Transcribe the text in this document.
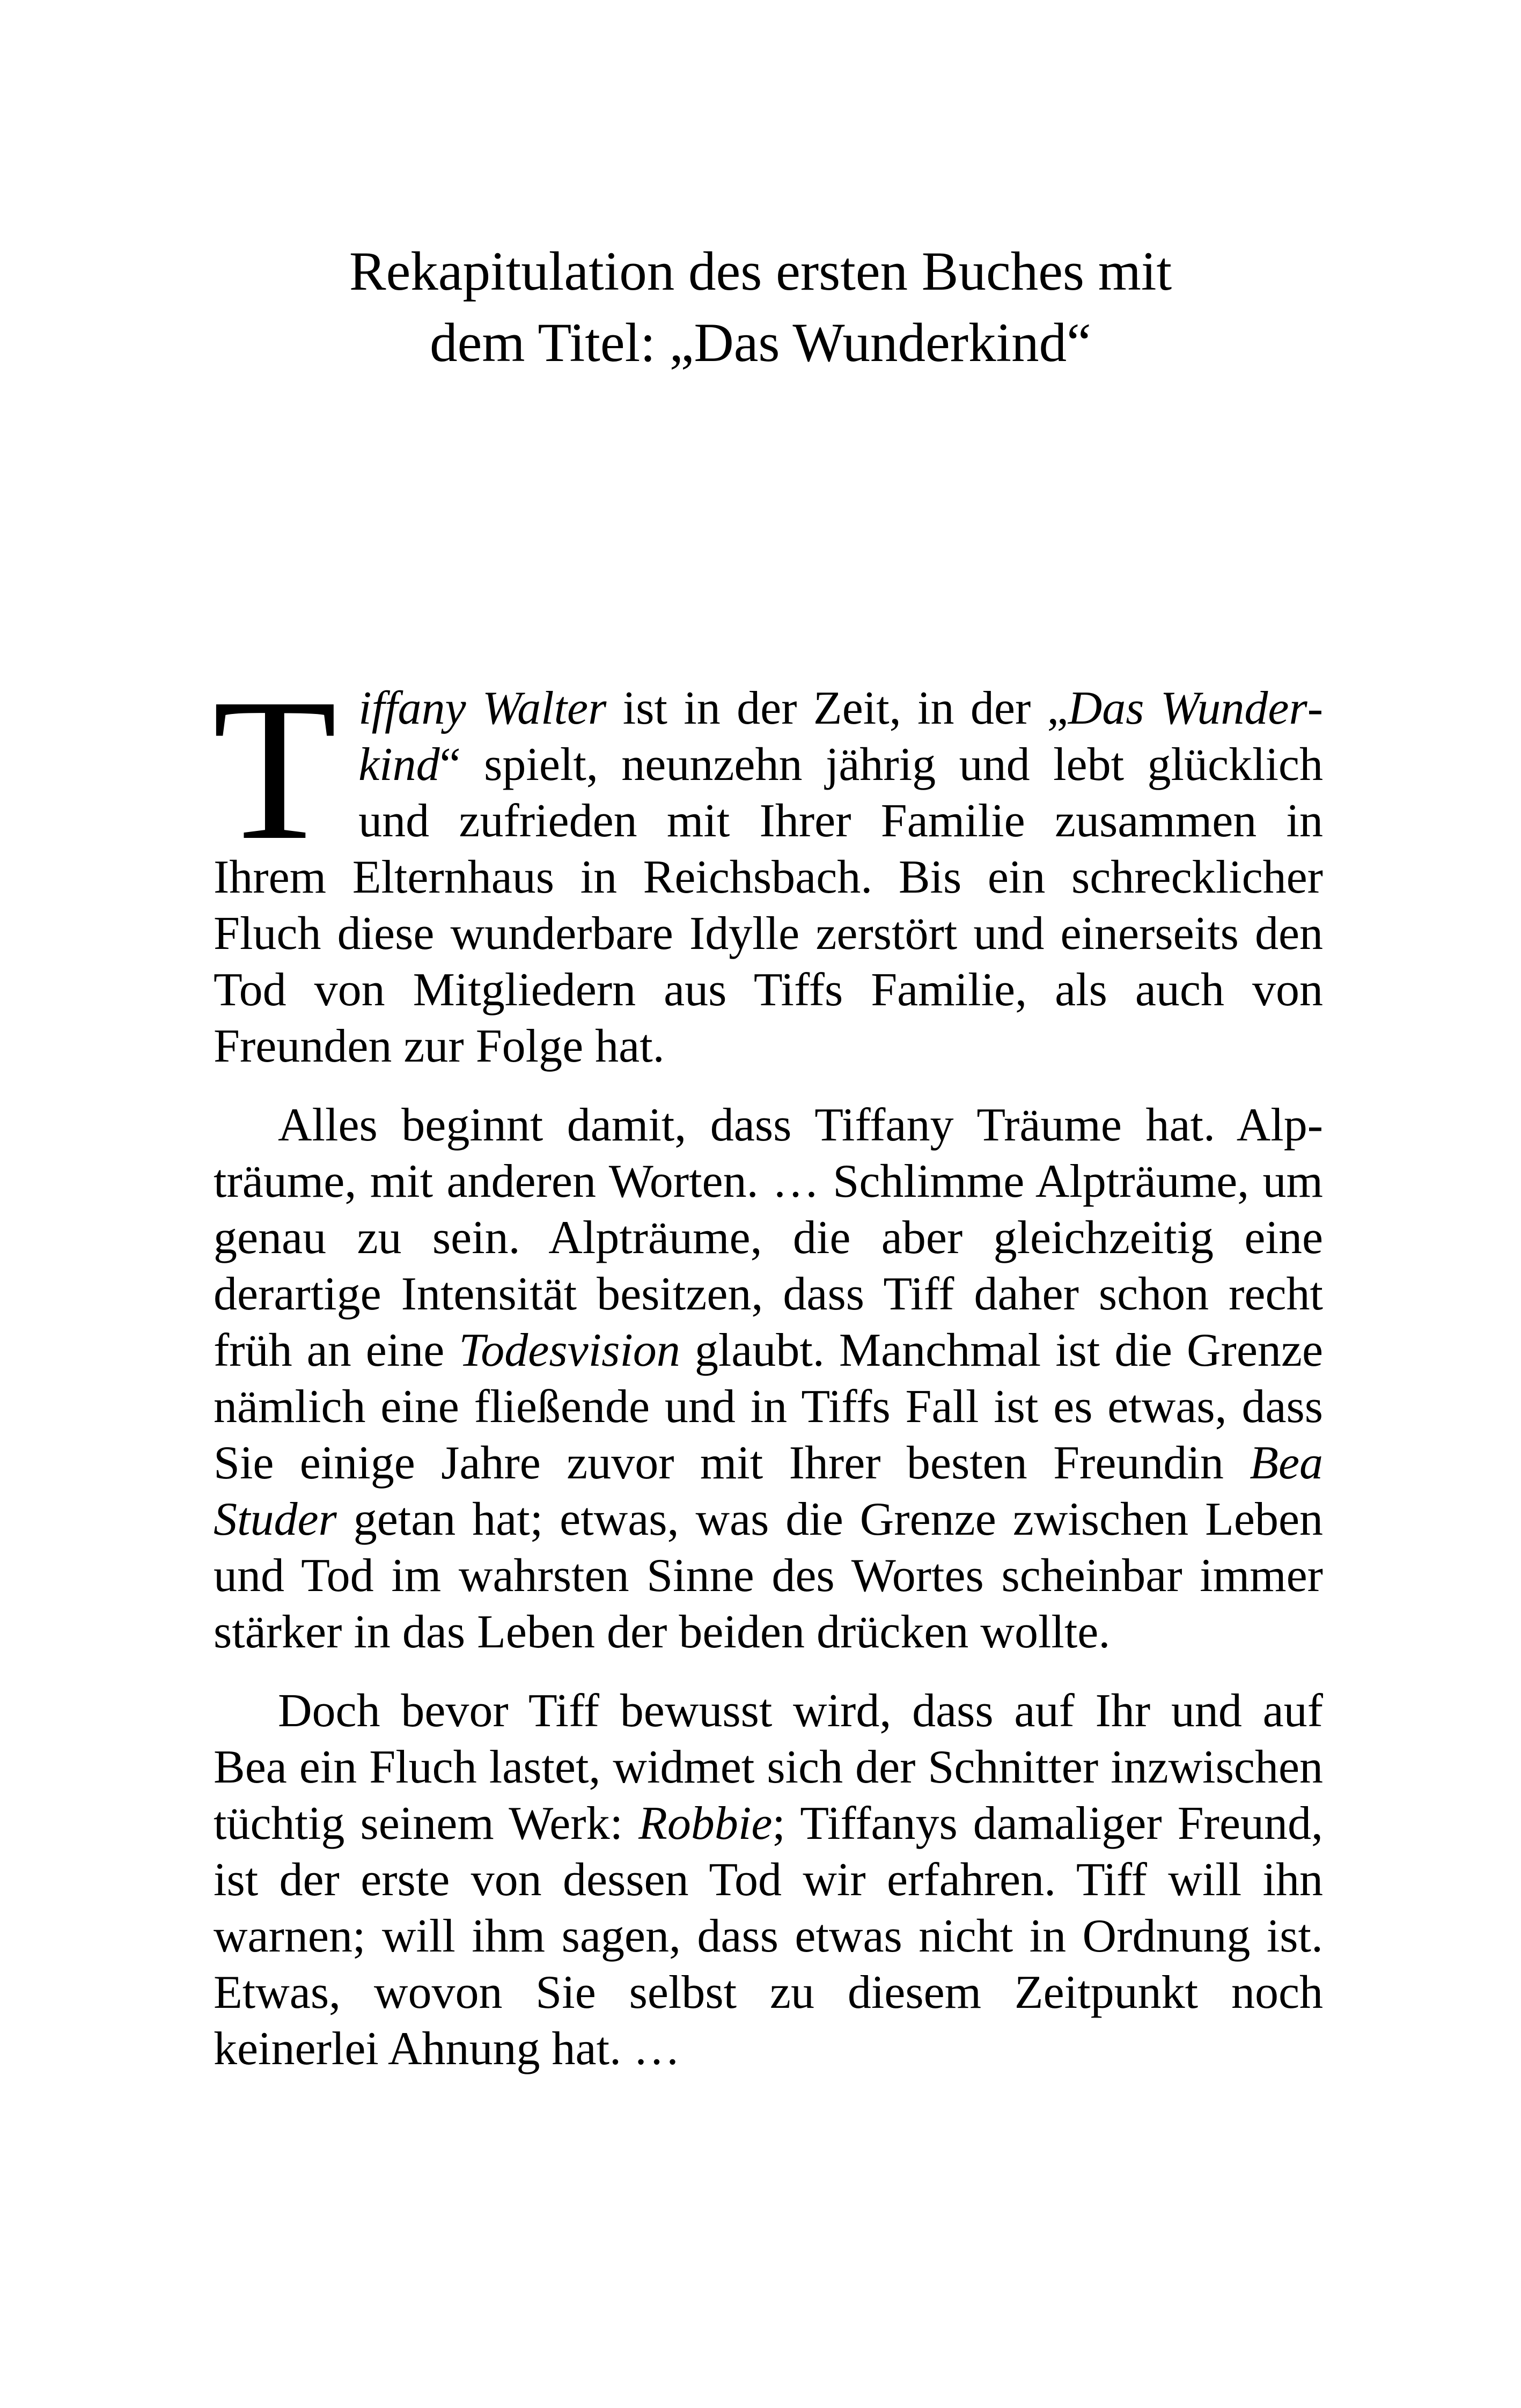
Rekapitulation des ersten Buches mit
dem Titel: „Das Wunderkind“

Tiffany Walter ist in der Zeit, in der „Das Wunderkind“ spielt, neunzehn jährig und lebt glücklich und zufrieden mit Ihrer Familie zusammen in Ihrem Elternhaus in Reichsbach. Bis ein schrecklicher Fluch diese wunderbare Idylle zerstört und einerseits den Tod von Mitgliedern aus Tiffs Familie, als auch von Freunden zur Folge hat.

Alles beginnt damit, dass Tiffany Träume hat. Alpträume, mit anderen Worten. … Schlimme Alpträume, um genau zu sein. Alpträume, die aber gleichzeitig eine derartige Intensität besitzen, dass Tiff daher schon recht früh an eine Todesvision glaubt. Manchmal ist die Grenze nämlich eine fließende und in Tiffs Fall ist es etwas, dass Sie einige Jahre zuvor mit Ihrer besten Freundin Bea Studer getan hat; etwas, was die Grenze zwischen Leben und Tod im wahrsten Sinne des Wortes scheinbar immer stärker in das Leben der beiden drücken wollte.

Doch bevor Tiff bewusst wird, dass auf Ihr und auf Bea ein Fluch lastet, widmet sich der Schnitter inzwischen tüchtig seinem Werk: Robbie; Tiffanys damaliger Freund, ist der erste von dessen Tod wir erfahren. Tiff will ihn warnen; will ihm sagen, dass etwas nicht in Ordnung ist. Etwas, wovon Sie selbst zu diesem Zeitpunkt noch keinerlei Ahnung hat. …
